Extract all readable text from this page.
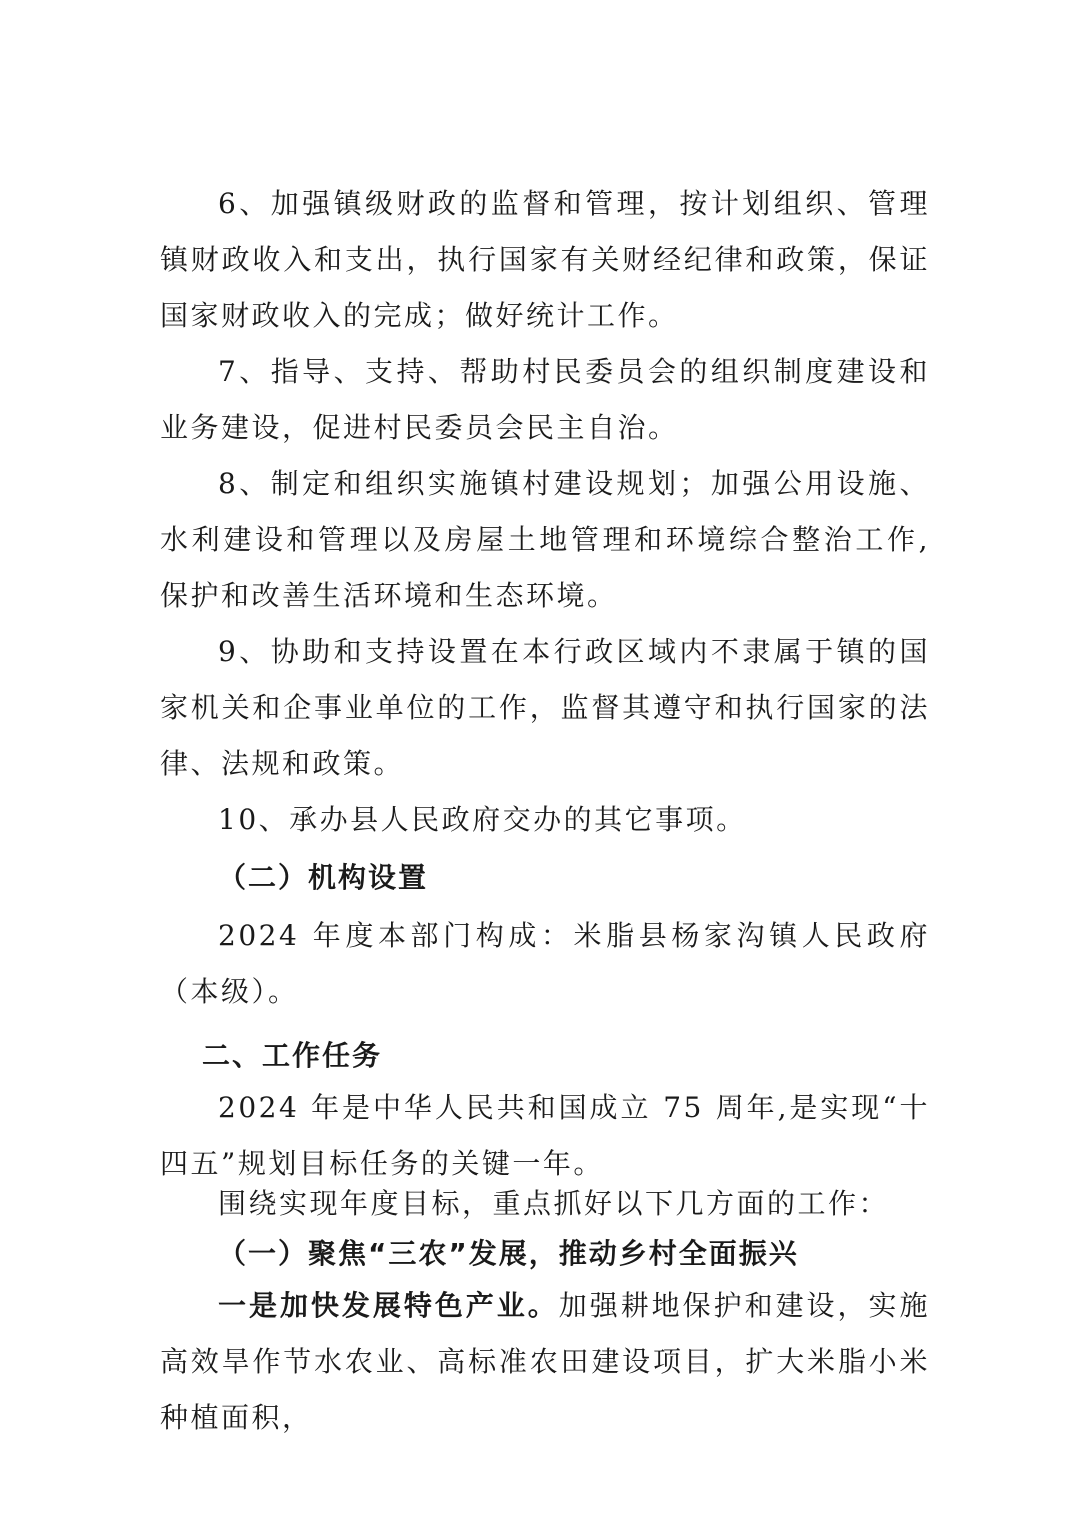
6、加强镇级财政的监督和管理，按计划组织、管理镇财政收入和支出，执行国家有关财经纪律和政策，保证国家财政收入的完成；做好统计工作。

7、指导、支持、帮助村民委员会的组织制度建设和业务建设，促进村民委员会民主自治。

8、制定和组织实施镇村建设规划；加强公用设施、水利建设和管理以及房屋土地管理和环境综合整治工作,保护和改善生活环境和生态环境。

9、协助和支持设置在本行政区域内不隶属于镇的国家机关和企事业单位的工作，监督其遵守和执行国家的法律、法规和政策。

10、承办县人民政府交办的其它事项。

（二）机构设置

2024 年度本部门构成：米脂县杨家沟镇人民政府（本级）。

二、工作任务

2024 年是中华人民共和国成立 75 周年,是实现“十四五”规划目标任务的关键一年。

围绕实现年度目标，重点抓好以下几方面的工作：

（一）聚焦“三农”发展，推动乡村全面振兴

一是加快发展特色产业。加强耕地保护和建设，实施高效旱作节水农业、高标准农田建设项目，扩大米脂小米种植面积，
